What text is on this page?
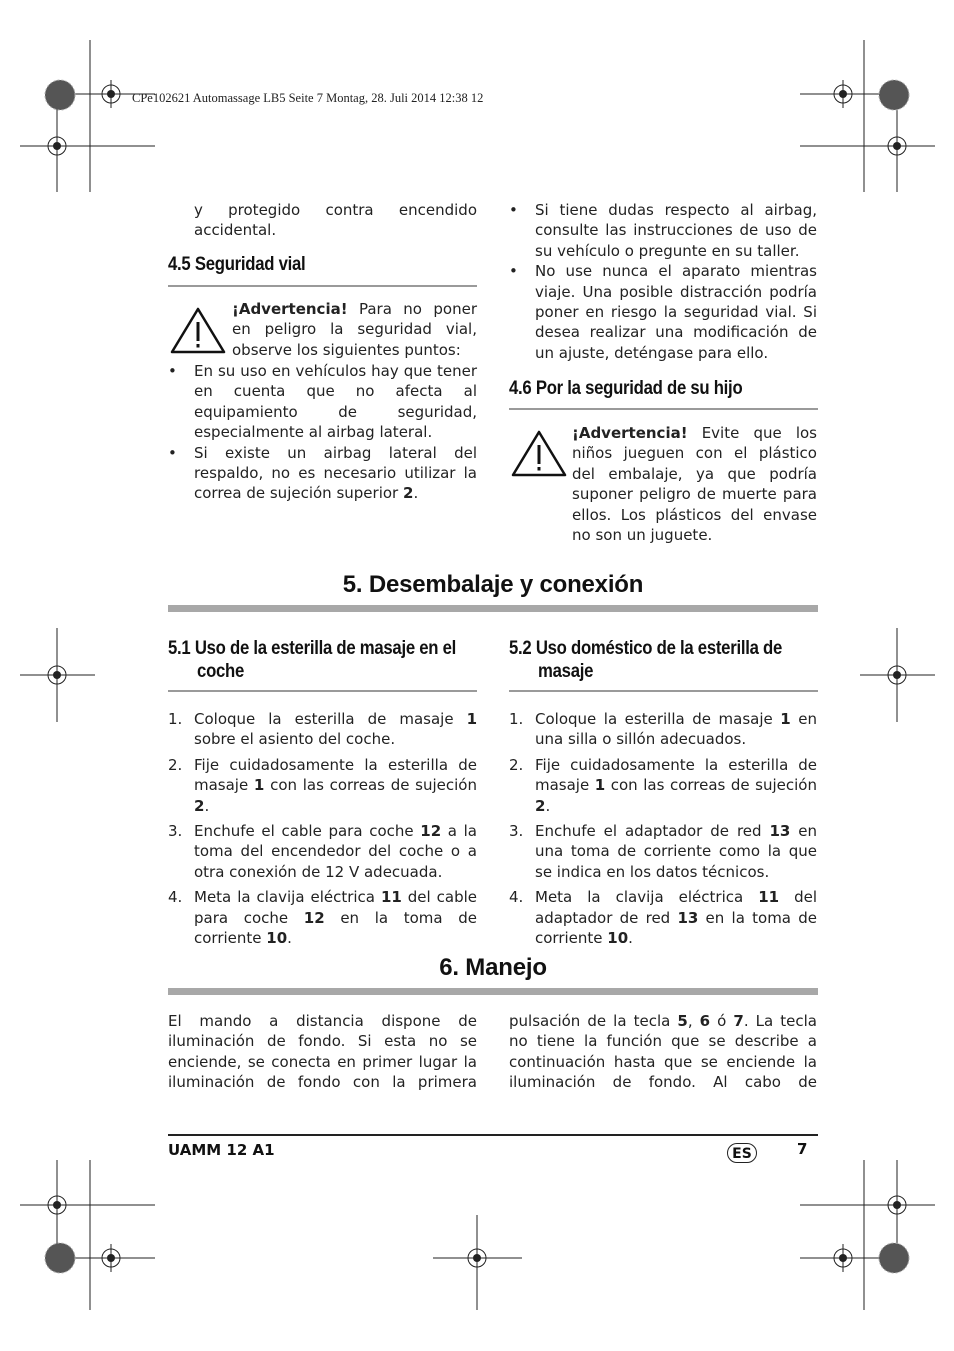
CPe102621 Automassage LB5 Seite 7 Montag, 28. Juli 2014 12:38 12
y protegido contra encendido accidental.
4.5 Seguridad vial
¡Advertencia! Para no poner en peligro la seguridad vial, observe los siguientes puntos:
• En su uso en vehículos hay que tener en cuenta que no afecta al equipamiento de seguridad, especialmente al airbag lateral.
• Si existe un airbag lateral del respaldo, no es necesario utilizar la correa de sujeción superior 2.
• Si tiene dudas respecto al airbag, consulte las instrucciones de uso de su vehículo o pregunte en su taller.
• No use nunca el aparato mientras viaje. Una posible distracción podría poner en riesgo la seguridad vial. Si desea realizar una modificación de un ajuste, deténgase para ello.
4.6 Por la seguridad de su hijo
¡Advertencia! Evite que los niños jueguen con el plástico del embalaje, ya que podría suponer peligro de muerte para ellos. Los plásticos del envase no son un juguete.
5. Desembalaje y conexión
5.1 Uso de la esterilla de masaje en el
coche
1. Coloque la esterilla de masaje 1 sobre el asiento del coche.
2. Fije cuidadosamente la esterilla de masaje 1 con las correas de sujeción 2.
3. Enchufe el cable para coche 12 a la toma del encendedor del coche o a otra conexión de 12 V adecuada.
4. Meta la clavija eléctrica 11 del cable para coche 12 en la toma de corriente 10.
5.2 Uso doméstico de la esterilla de
masaje
1. Coloque la esterilla de masaje 1 en una silla o sillón adecuados.
2. Fije cuidadosamente la esterilla de masaje 1 con las correas de sujeción 2.
3. Enchufe el adaptador de red 13 en una toma de corriente como la que se indica en los datos técnicos.
4. Meta la clavija eléctrica 11 del adaptador de red 13 en la toma de corriente 10.
6. Manejo
El mando a distancia dispone de iluminación de fondo. Si esta no se enciende, se conecta en primer lugar la iluminación de fondo con la primera
pulsación de la tecla 5, 6 ó 7. La tecla no tiene la función que se describe a continuación hasta que se enciende la iluminación de fondo. Al cabo de
UAMM 12 A1	ES	7
